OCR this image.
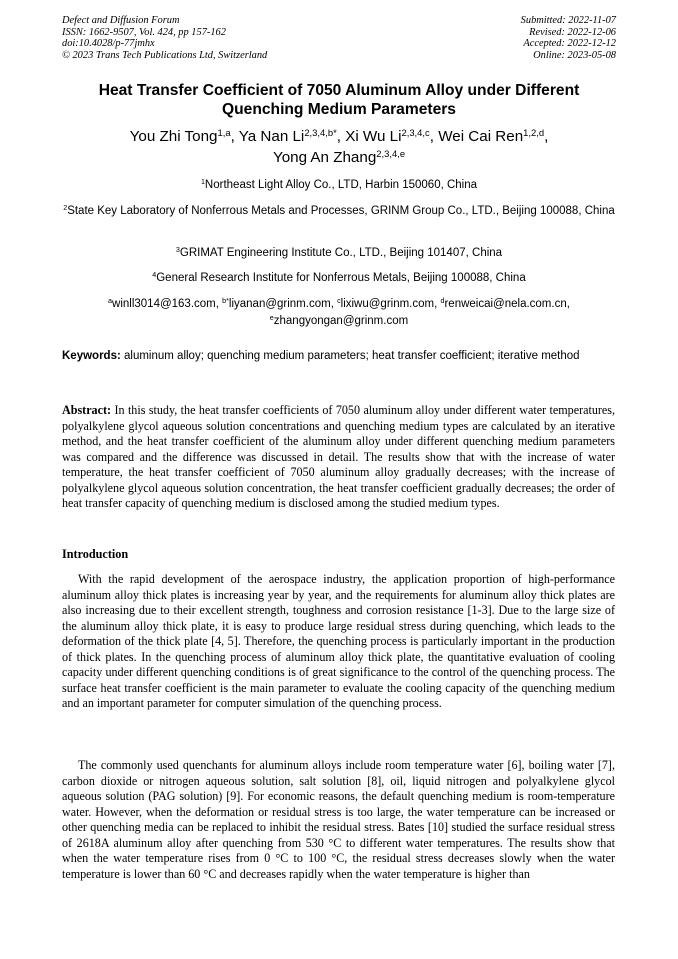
Defect and Diffusion Forum
ISSN: 1662-9507, Vol. 424, pp 157-162
doi:10.4028/p-77jmhx
© 2023 Trans Tech Publications Ltd, Switzerland
Submitted: 2022-11-07
Revised: 2022-12-06
Accepted: 2022-12-12
Online: 2023-05-08
Heat Transfer Coefficient of 7050 Aluminum Alloy under Different
Quenching Medium Parameters
You Zhi Tong$^{1,a}$, Ya Nan $Li^{2,3,4,b*}$, Xi Wu Li$^{2,3,4,c}$, Wei Cai Ren$^{1,2,d}$,
Yong An Zhang$^{2,3,4,e}$
$^1$Northeast Light Alloy Co., LTD, Harbin 150060, China
$^2$State Key Laboratory of Nonferrous Metals and Processes, GRINM Group Co., LTD., Beijing 100088, China
$^3$GRIMAT Engineering Institute Co., LTD., Beijing 101407, China
$^4$General Research Institute for Nonferrous Metals, Beijing 100088, China
$^a$winll3014@163.com, $^{b*}$liyanan@grinm.com, $^c$lixiwu@grinm.com, $^d$renweicai@nela.com.cn,
$^e$zhangyongan@grinm.com
Keywords: aluminum alloy; quenching medium parameters; heat transfer coefficient; iterative method
Abstract: In this study, the heat transfer coefficients of 7050 aluminum alloy under different water temperatures, polyalkylene glycol aqueous solution concentrations and quenching medium types are calculated by an iterative method, and the heat transfer coefficient of the aluminum alloy under different quenching medium parameters was compared and the difference was discussed in detail. The results show that with the increase of water temperature, the heat transfer coefficient of 7050 aluminum alloy gradually decreases; with the increase of polyalkylene glycol aqueous solution concentration, the heat transfer coefficient gradually decreases; the order of heat transfer capacity of quenching medium is disclosed among the studied medium types.
Introduction
With the rapid development of the aerospace industry, the application proportion of high-performance aluminum alloy thick plates is increasing year by year, and the requirements for aluminum alloy thick plates are also increasing due to their excellent strength, toughness and corrosion resistance [1-3]. Due to the large size of the aluminum alloy thick plate, it is easy to produce large residual stress during quenching, which leads to the deformation of the thick plate [4, 5]. Therefore, the quenching process is particularly important in the production of thick plates. In the quenching process of aluminum alloy thick plate, the quantitative evaluation of cooling capacity under different quenching conditions is of great significance to the control of the quenching process. The surface heat transfer coefficient is the main parameter to evaluate the cooling capacity of the quenching medium and an important parameter for computer simulation of the quenching process.
The commonly used quenchants for aluminum alloys include room temperature water [6], boiling water [7], carbon dioxide or nitrogen aqueous solution, salt solution [8], oil, liquid nitrogen and polyalkylene glycol aqueous solution (PAG solution) [9]. For economic reasons, the default quenching medium is room-temperature water. However, when the deformation or residual stress is too large, the water temperature can be increased or other quenching media can be replaced to inhibit the residual stress. Bates [10] studied the surface residual stress of 2618A aluminum alloy after quenching from 530 °C to different water temperatures. The results show that when the water temperature rises from 0 °C to 100 °C, the residual stress decreases slowly when the water temperature is lower than 60 °C and decreases rapidly when the water temperature is higher than
